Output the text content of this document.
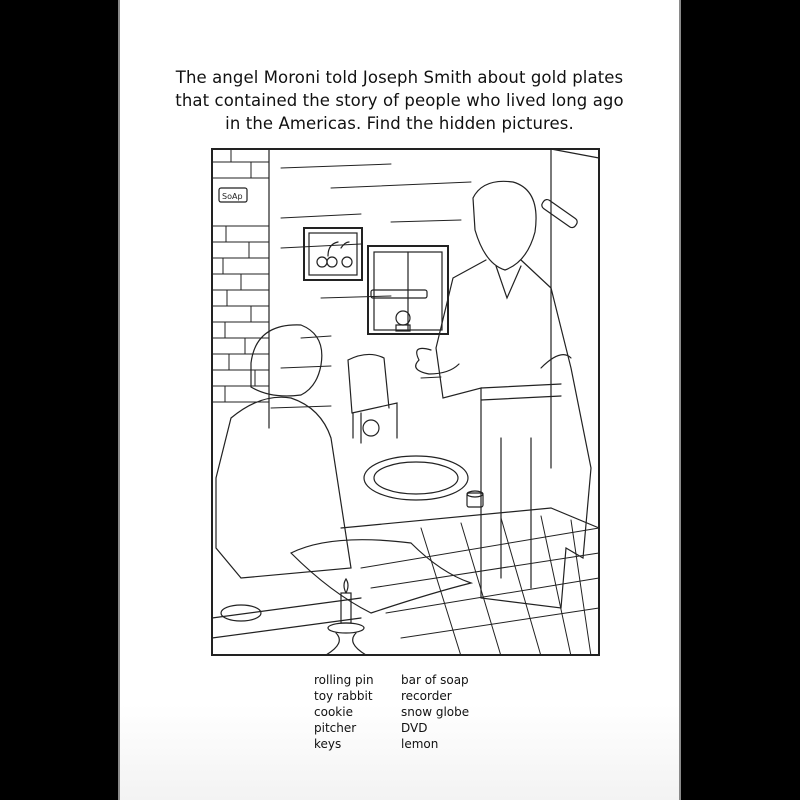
The angel Moroni told Joseph Smith about gold plates
that contained the story of people who lived long ago
in the Americas. Find the hidden pictures.
SoAp
rolling pin
toy rabbit
cookie
pitcher
keys
bar of soap
recorder
snow globe
DVD
lemon
